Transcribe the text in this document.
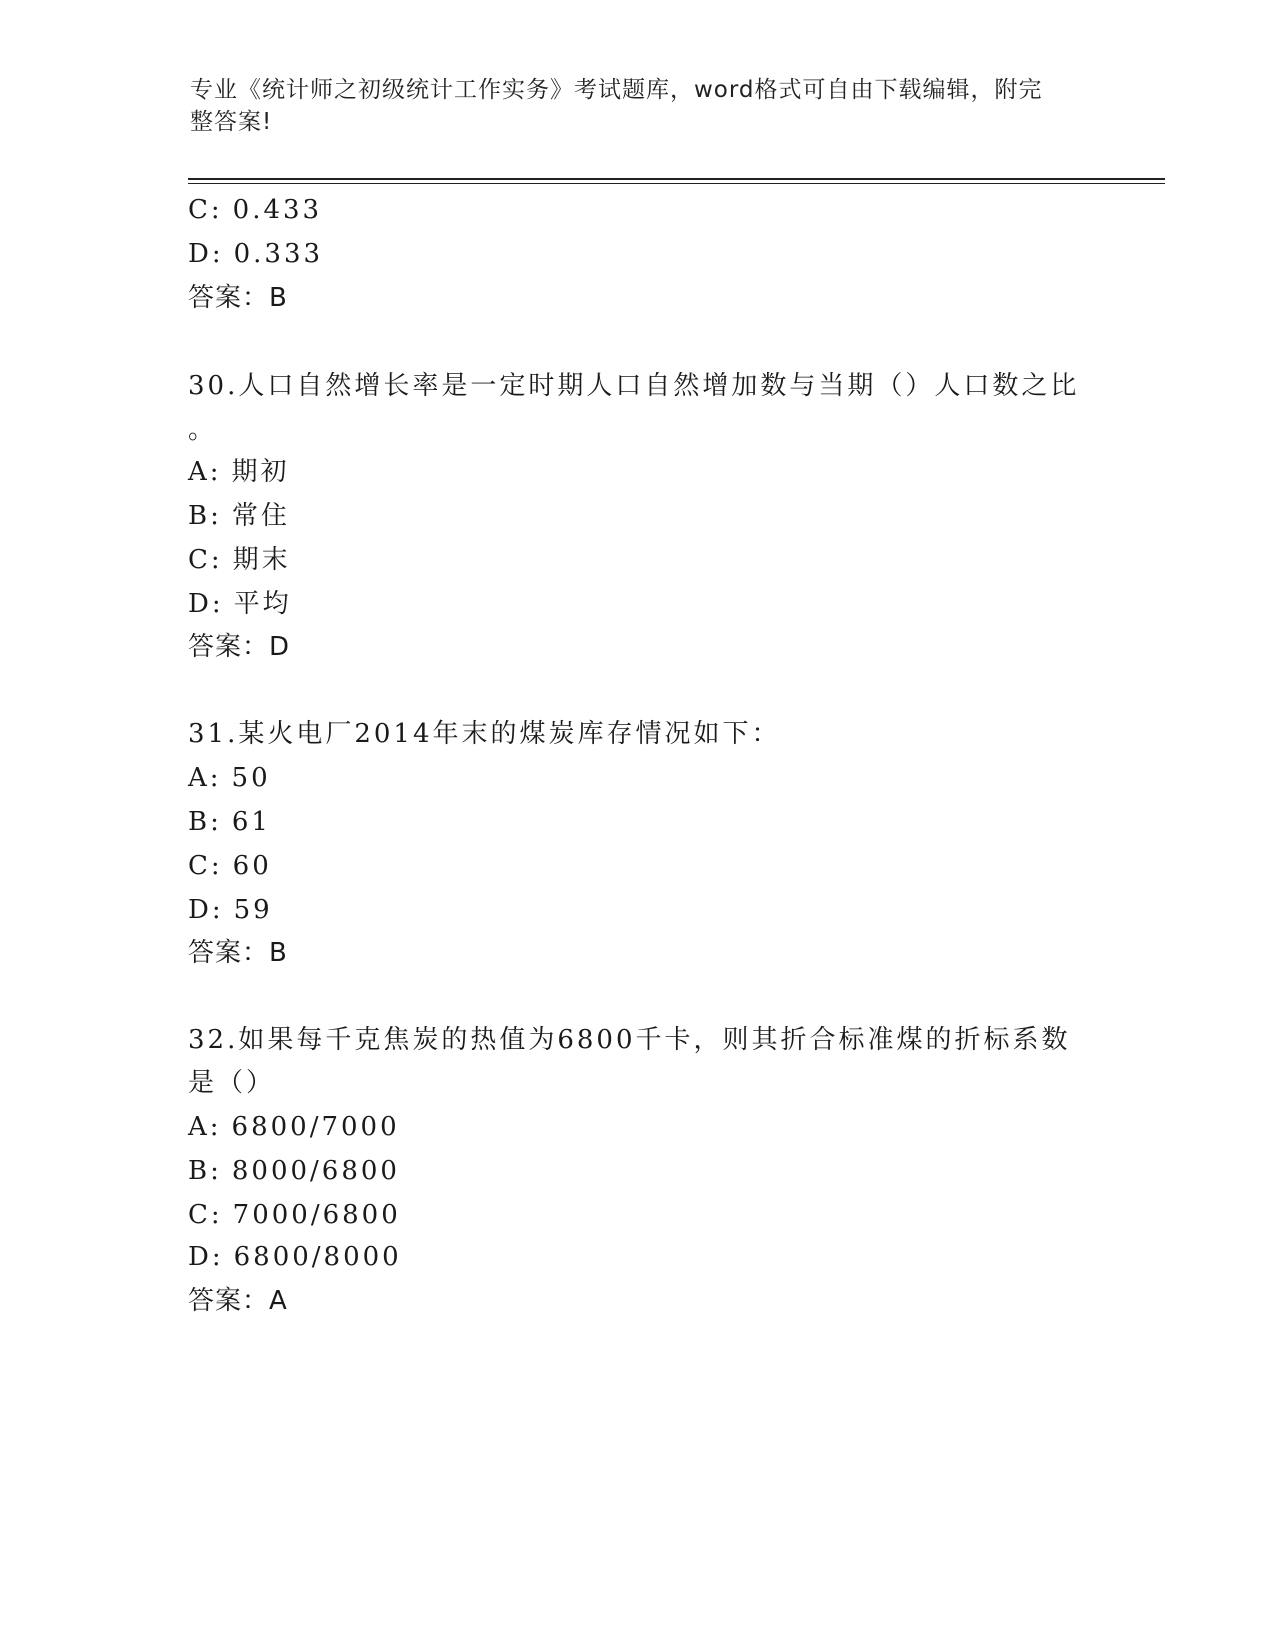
专业《统计师之初级统计工作实务》考试题库，word格式可自由下载编辑，附完
整答案!
C: 0.433
D: 0.333
答案：B
30.人口自然增长率是一定时期人口自然增加数与当期（）人口数之比
。
A: 期初
B: 常住
C: 期末
D: 平均
答案：D
31.某火电厂2014年末的煤炭库存情况如下：
A: 50
B: 61
C: 60
D: 59
答案：B
32.如果每千克焦炭的热值为6800千卡，则其折合标准煤的折标系数
是（）
A: 6800/7000
B: 8000/6800
C: 7000/6800
D: 6800/8000
答案：A
